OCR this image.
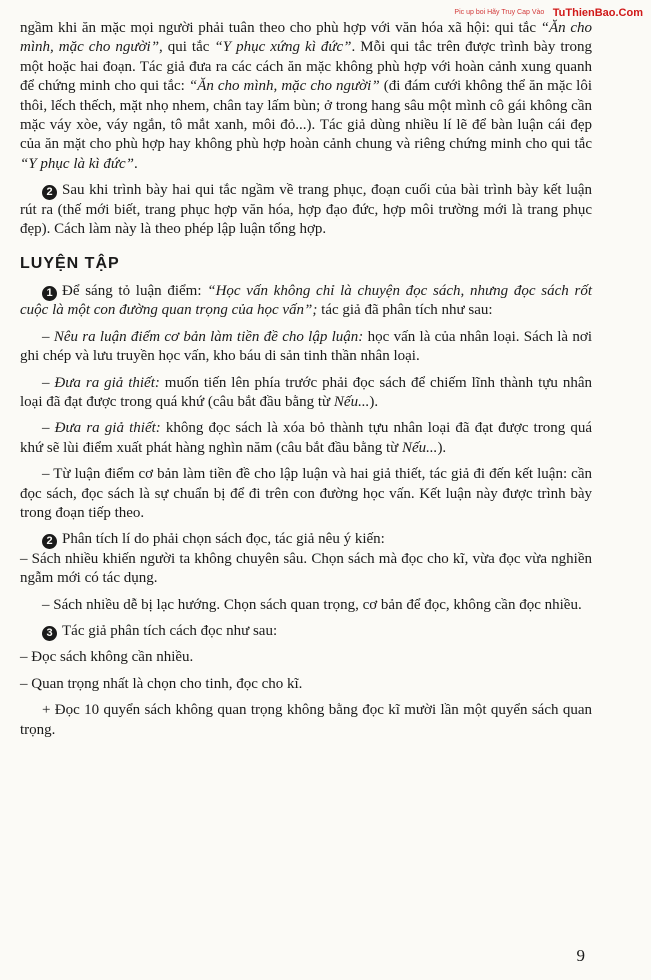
Pic up boi Hãy Truy Cap Vào TuThienBao.Com

ngầm khi ăn mặc mọi người phải tuân theo cho phù hợp với văn hóa xã hội: qui tắc “Ăn cho mình, mặc cho người”, qui tắc “Y phục xứng kì đức”. Mỗi qui tắc trên được trình bày trong một hoặc hai đoạn. Tác giả đưa ra các cách ăn mặc không phù hợp với hoàn cảnh xung quanh để chứng minh cho qui tắc: “Ăn cho mình, mặc cho người” (đi đám cưới không thể ăn mặc lôi thôi, lếch thếch, mặt nhọ nhem, chân tay lấm bùn; ở trong hang sâu một mình cô gái không cần mặc váy xòe, váy ngắn, tô mắt xanh, môi đỏ...). Tác giả dùng nhiều lí lẽ để bàn luận cái đẹp của ăn mặt cho phù hợp hay không phù hợp hoàn cảnh chung và riêng chứng minh cho qui tắc “Y phục là kì đức”.

2 Sau khi trình bày hai qui tắc ngầm về trang phục, đoạn cuối của bài trình bày kết luận rút ra (thế mới biết, trang phục hợp văn hóa, hợp đạo đức, hợp môi trường mới là trang phục đẹp). Cách làm này là theo phép lập luận tổng hợp.

LUYỆN TẬP

1 Để sáng tỏ luận điểm: “Học vấn không chỉ là chuyện đọc sách, nhưng đọc sách rốt cuộc là một con đường quan trọng của học vấn”; tác giả đã phân tích như sau:

– Nêu ra luận điểm cơ bản làm tiền đề cho lập luận: học vấn là của nhân loại. Sách là nơi ghi chép và lưu truyền học vấn, kho báu di sản tinh thần nhân loại.

– Đưa ra giả thiết: muốn tiến lên phía trước phải đọc sách để chiếm lĩnh thành tựu nhân loại đã đạt được trong quá khứ (câu bắt đầu bằng từ Nếu...).

– Đưa ra giả thiết: không đọc sách là xóa bỏ thành tựu nhân loại đã đạt được trong quá khứ sẽ lùi điểm xuất phát hàng nghìn năm (câu bắt đầu bằng từ Nếu...).

– Từ luận điểm cơ bản làm tiền đề cho lập luận và hai giả thiết, tác giả đi đến kết luận: cần đọc sách, đọc sách là sự chuẩn bị để đi trên con đường học vấn. Kết luận này được trình bày trong đoạn tiếp theo.

2 Phân tích lí do phải chọn sách đọc, tác giả nêu ý kiến:

– Sách nhiều khiến người ta không chuyên sâu. Chọn sách mà đọc cho kĩ, vừa đọc vừa nghiền ngẫm mới có tác dụng.

– Sách nhiều dễ bị lạc hướng. Chọn sách quan trọng, cơ bản để đọc, không cần đọc nhiều.

3 Tác giả phân tích cách đọc như sau:

– Đọc sách không cần nhiều.

– Quan trọng nhất là chọn cho tinh, đọc cho kĩ.

+ Đọc 10 quyển sách không quan trọng không bằng đọc kĩ mười lần một quyển sách quan trọng.

9
